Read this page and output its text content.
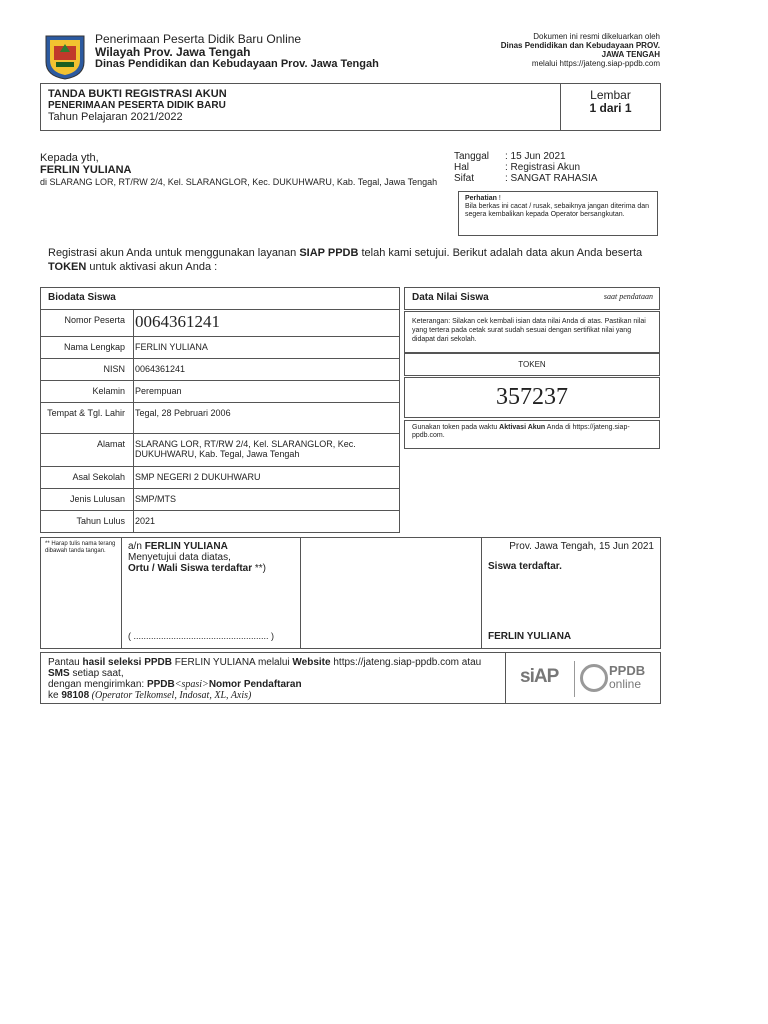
Penerimaan Peserta Didik Baru Online
Wilayah Prov. Jawa Tengah
Dinas Pendidikan dan Kebudayaan Prov. Jawa Tengah
Dokumen ini resmi dikeluarkan oleh
Dinas Pendidikan dan Kebudayaan PROV.
JAWA TENGAH
melalui https://jateng.siap-ppdb.com
TANDA BUKTI REGISTRASI AKUN
PENERIMAAN PESERTA DIDIK BARU
Tahun Pelajaran 2021/2022
Lembar
1 dari 1
Kepada yth,
FERLIN YULIANA
di SLARANG LOR, RT/RW 2/4, Kel. SLARANGLOR, Kec. DUKUHWARU, Kab. Tegal, Jawa Tengah
Tanggal : 15 Jun 2021
Hal	: Registrasi Akun
Sifat	: SANGAT RAHASIA
Perhatian !
Bila berkas ini cacat / rusak, sebaiknya jangan diterima dan segera kembalikan kepada Operator bersangkutan.
Registrasi akun Anda untuk menggunakan layanan SIAP PPDB telah kami setujui. Berikut adalah data akun Anda beserta TOKEN untuk aktivasi akun Anda :
Biodata Siswa
Nomor Peserta 0064361241
Nama Lengkap	FERLIN YULIANA
NISN	0064361241
Kelamin	Perempuan
Tempat & Tgl. Lahir	Tegal, 28 Pebruari 2006
Alamat	SLARANG LOR, RT/RW 2/4, Kel. SLARANGLOR, Kec. DUKUHWARU, Kab. Tegal, Jawa Tengah
Asal Sekolah	SMP NEGERI 2 DUKUHWARU
Jenis Lulusan	SMP/MTS
Tahun Lulus	2021
Data Nilai Siswa	saat pendataan
Keterangan: Silakan cek kembali isian data nilai Anda di atas. Pastikan nilai yang tertera pada cetak surat sudah sesuai dengan sertifikat nilai yang didapat dari sekolah.
TOKEN
357237
Gunakan token pada waktu Aktivasi Akun Anda di https://jateng.siap-ppdb.com.
** Harap tulis nama terang dibawah tanda tangan.	a/n FERLIN YULIANA
Menyetujui data diatas,
Ortu / Wali Siswa terdaftar **)
( ...................................................... )
Prov. Jawa Tengah, 15 Jun 2021
Siswa terdaftar.
FERLIN YULIANA
Pantau hasil seleksi PPDB FERLIN YULIANA melalui Website https://jateng.siap-ppdb.com atau
SMS setiap saat,
dengan mengirimkan: PPDB<spasi>Nomor Pendaftaran
ke 98108 (Operator Telkomsel, Indosat, XL, Axis)
siAP	PPDB
online
